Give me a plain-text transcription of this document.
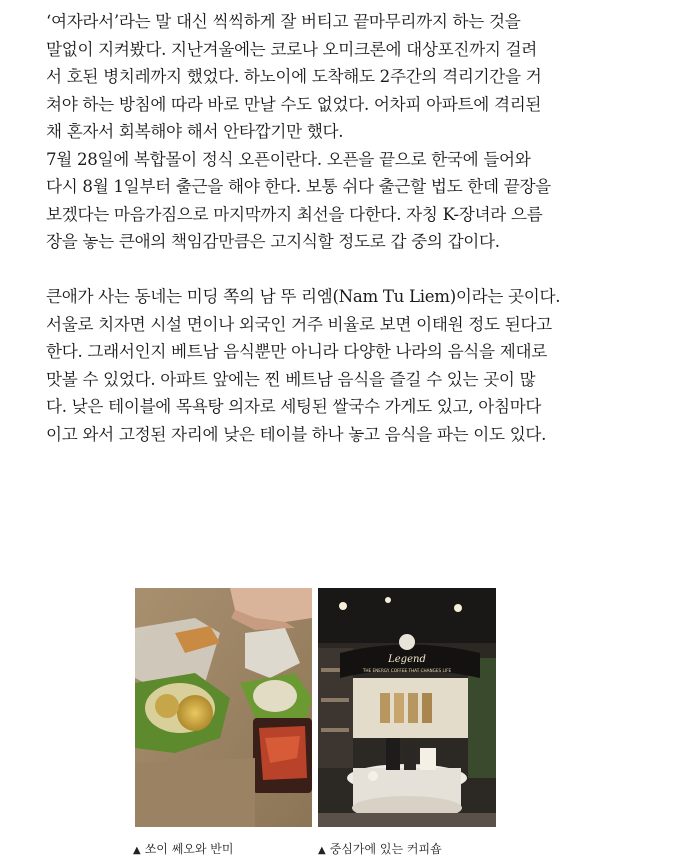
‘여자라서’라는 말 대신 씩씩하게 잘 버티고 끝마무리까지 하는 것을
말없이 지켜봤다. 지난겨울에는 코로나 오미크론에 대상포진까지 걸려
서 호된 병치레까지 했었다. 하노이에 도착해도 2주간의 격리기간을 거
쳐야 하는 방침에 따라 바로 만날 수도 없었다. 어차피 아파트에 격리된
채 혼자서 회복해야 해서 안타깝기만 했다.
7월 28일에 복합몰이 정식 오픈이란다. 오픈을 끝으로 한국에 들어와
다시 8월 1일부터 출근을 해야 한다. 보통 쉬다 출근할 법도 한데 끝장을
보겠다는 마음가짐으로 마지막까지 최선을 다한다. 자칭 K-장녀라 으름
장을 놓는 큰애의 책임감만큼은 고지식할 정도로 갑 중의 갑이다.
큰애가 사는 동네는 미딩 쪽의 남 뚜 리엠(Nam Tu Liem)이라는 곳이다.
서울로 치자면 시설 면이나 외국인 거주 비율로 보면 이태원 정도 된다고
한다. 그래서인지 베트남 음식뿐만 아니라 다양한 나라의 음식을 제대로
맛볼 수 있었다. 아파트 앞에는 찐 베트남 음식을 즐길 수 있는 곳이 많
다. 낮은 테이블에 목욕탕 의자로 세팅된 쌀국수 가게도 있고, 아침마다
이고 와서 고정된 자리에 낮은 테이블 하나 놓고 음식을 파는 이도 있다.
Legend
THE ENERGY COFFEE THAT CHANGES LIFE
▲ 쏘이 쎄오와 반미	▲ 중심가에 있는 커피숍
